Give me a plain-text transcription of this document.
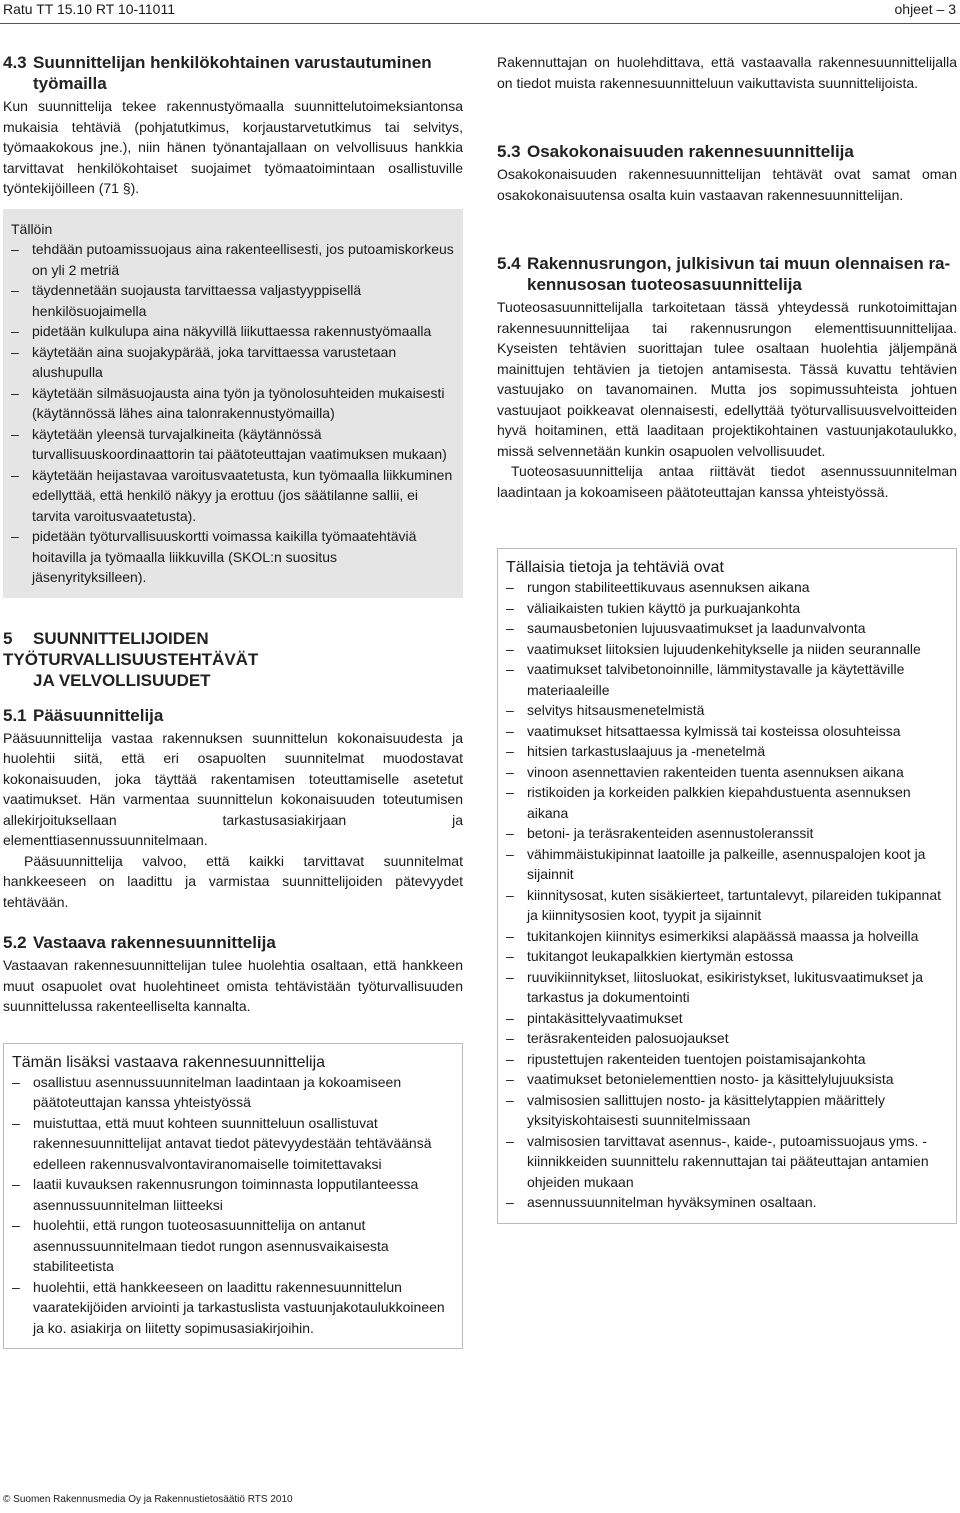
Ratu TT 15.10 RT 10-11011	ohjeet – 3
4.3 Suunnittelijan henkilökohtainen varustautuminen
työmailla

Kun suunnittelija tekee rakennustyömaalla suunnittelutoimeksiantonsa mukaisia tehtäviä (pohjatutkimus, korjaustarvetutkimus tai selvitys, työmaakokous jne.), niin hänen työnantajallaan on velvollisuus hankkia tarvittavat henkilökohtaiset suojaimet työmaatoimintaan osallistuville työntekijöilleen (71 §).

Tällöin
– tehdään putoamissuojaus aina rakenteellisesti, jos putoamiskorkeus on yli 2 metriä
– täydennetään suojausta tarvittaessa valjastyyppisellä henkilösuojaimella
– pidetään kulkulupa aina näkyvillä liikuttaessa rakennustyömaalla
– käytetään aina suojakypärää, joka tarvittaessa varustetaan alushupulla
– käytetään silmäsuojausta aina työn ja työnolosuhteiden mukaisesti (käytännössä lähes aina talonrakennustyömailla)
– käytetään yleensä turvajalkineita (käytännössä turvallisuuskoordinaattorin tai päätoteuttajan vaatimuksen mukaan)
– käytetään heijastavaa varoitusvaatetusta, kun työmaalla liikkuminen edellyttää, että henkilö näkyy ja erottuu (jos säätilanne sallii, ei tarvita varoitusvaatetusta).
– pidetään työturvallisuuskortti voimassa kaikilla työmaatehtäviä hoitavilla ja työmaalla liikkuvilla (SKOL:n suositus jäsenyrityksilleen).
5 SUUNNITTELIJOIDEN TYÖTURVALLISUUSTEHTÄVÄT
JA VELVOLLISUUDET
5.1 Pääsuunnittelija

Pääsuunnittelija vastaa rakennuksen suunnittelun kokonaisuudesta ja huolehtii siitä, että eri osapuolten suunnitelmat muodostavat kokonaisuuden, joka täyttää rakentamisen toteuttamiselle asetetut vaatimukset. Hän varmentaa suunnittelun kokonaisuuden toteutumisen allekirjoituksellaan tarkastusasiakirjaan ja elementtiasennussuunnitelmaan.

Pääsuunnittelija valvoo, että kaikki tarvittavat suunnitelmat hankkeeseen on laadittu ja varmistaa suunnittelijoiden pätevyydet tehtävään.

5.2 Vastaava rakennesuunnittelija

Vastaavan rakennesuunnittelijan tulee huolehtia osaltaan, että hankkeen muut osapuolet ovat huolehtineet omista tehtävistään työturvallisuuden suunnittelussa rakenteelliselta kannalta.

Tämän lisäksi vastaava rakennesuunnittelija
– osallistuu asennussuunnitelman laadintaan ja kokoamiseen päätoteuttajan kanssa yhteistyössä
– muistuttaa, että muut kohteen suunnitteluun osallistuvat rakennesuunnittelijat antavat tiedot pätevyydestään tehtäväänsä edelleen rakennusvalvontaviranomaiselle toimitettavaksi
– laatii kuvauksen rakennusrungon toiminnasta lopputilanteessa asennussuunnitelman liitteeksi
– huolehtii, että rungon tuoteosasuunnittelija on antanut asennussuunnitelmaan tiedot rungon asennusvaikaisesta stabiliteetista
– huolehtii, että hankkeeseen on laadittu rakennesuunnittelun vaaratekijöiden arviointi ja tarkastuslista vastuunjakotaulukkoineen ja ko. asiakirja on liitetty sopimusasiakirjoihin.

Rakennuttajan on huolehdittava, että vastaavalla rakennesuunnittelijalla on tiedot muista rakennesuunnitteluun vaikuttavista suunnittelijoista.

5.3 Osakokonaisuuden rakennesuunnittelija

Osakokonaisuuden rakennesuunnittelijan tehtävät ovat samat oman osakokonaisuutensa osalta kuin vastaavan rakennesuunnittelijan.

5.4 Rakennusrungon, julkisivun tai muun olennaisen ra-
kennusosan tuoteosasuunnittelija

Tuoteosasuunnittelijalla tarkoitetaan tässä yhteydessä runkotoimittajan rakennesuunnittelijaa tai rakennusrungon elementtisuunnittelijaa. Kyseisten tehtävien suorittajan tulee osaltaan huolehtia jäljempänä mainittujen tehtävien ja tietojen antamisesta. Tässä kuvattu tehtävien vastuujako on tavanomainen. Mutta jos sopimussuhteista johtuen vastuujaot poikkeavat olennaisesti, edellyttää työturvallisuusvelvoitteiden hyvä hoitaminen, että laaditaan projektikohtainen vastuunjakotaulukko, missä selvennetään kunkin osapuolen velvollisuudet.

Tuoteosasuunnittelija antaa riittävät tiedot asennussuunnitelman laadintaan ja kokoamiseen päätoteuttajan kanssa yhteistyössä.

Tällaisia tietoja ja tehtäviä ovat
– rungon stabiliteettikuvaus asennuksen aikana
– väliaikaisten tukien käyttö ja purkuajankohta
– saumausbetonien lujuusvaatimukset ja laadunvalvonta
– vaatimukset liitoksien lujuudenkehitykselle ja niiden seurannalle
– vaatimukset talvibetonoinnille, lämmitystavalle ja käytettäville materiaaleille
– selvitys hitsausmenetelmistä
– vaatimukset hitsattaessa kylmissä tai kosteissa olosuhteissa
– hitsien tarkastuslaajuus ja -menetelmä
– vinoon asennettavien rakenteiden tuenta asennuksen aikana
– ristikoiden ja korkeiden palkkien kiepahdustuenta asennuksen aikana
– betoni- ja teräsrakenteiden asennustoleranssit
– vähimmäistukipinnat laatoille ja palkeille, asennuspalojen koot ja sijainnit
– kiinnitysosat, kuten sisäkierteet, tartuntalevyt, pilareiden tukipannat ja kiinnitysosien koot, tyypit ja sijainnit
– tukitankojen kiinnitys esimerkiksi alapäässä maassa ja holveilla
– tukitangot leukapalkkien kiertymän estossa
– ruuvikiinnitykset, liitosluokat, esikiristykset, lukitusvaatimukset ja tarkastus ja dokumentointi
– pintakäsittelyvaatimukset
– teräsrakenteiden palosuojaukset
– ripustettujen rakenteiden tuentojen poistamisajankohta
– vaatimukset betonielementtien nosto- ja käsittelylujuuksista
– valmisosien sallittujen nosto- ja käsittelytappien määrittely yksityiskohtaisesti suunnitelmissaan
– valmisosien tarvittavat asennus-, kaide-, putoamissuojaus yms. -kiinnikkeiden suunnittelu rakennuttajan tai pääteuttajan antamien ohjeiden mukaan
– asennussuunnitelman hyväksyminen osaltaan.
© Suomen Rakennusmedia Oy ja Rakennustietosäätiö RTS 2010
